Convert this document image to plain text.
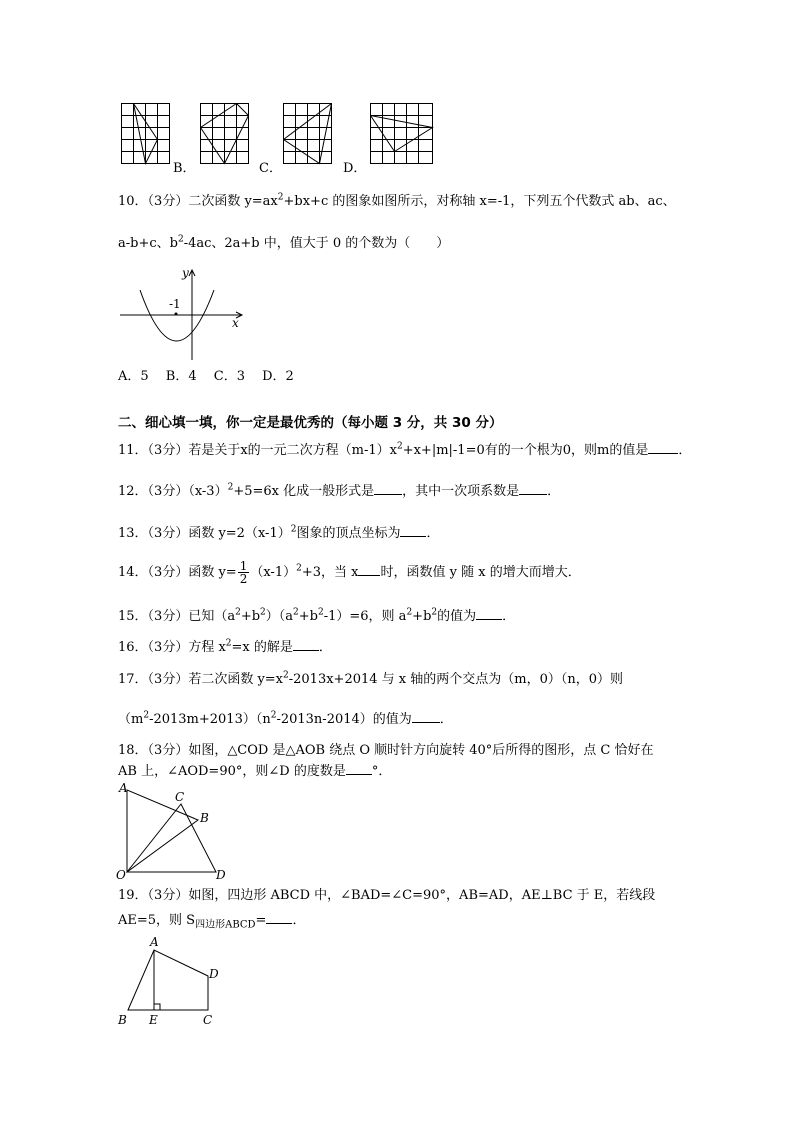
B．	C．	D．
10．（3分）二次函数 $y=ax^2+bx+c$ 的图象如图所示，对称轴 x=-1，下列五个代数式 ab、ac、
a-b+c、$b^2-4ac$、2a+b 中，值大于 0 的个数为（　　）
y
x
-1
A．5　 B．4　 C．3　 D．2
二、细心填一填，你一定是最优秀的（每小题 3 分，共 30 分）
11．（3分）若是关于x的一元二次方程$(m-1)x^2+x+|m|-1=0$有的一个根为0，则m的值是 ．
12．（3分）$(x-3)^2+5=6x$ 化成一般形式是 ，其中一次项系数是 ．
13．（3分）函数 $y=2(x-1)^2$图象的顶点坐标为 ．
14．（3分）函数 $y= \frac{1}{2} (x-1)^2+3$，当 x 时，函数值 y 随 x 的增大而增大．
15．（3分）已知$(a^2+b^2)(a^2+b^2-1)=6$，则 $a^2+b^2$的值为 ．
16．（3分）方程 $x^2=x$ 的解是 ．
17．（3分）若二次函数 $y=x^2-2013x+2014$ 与 x 轴的两个交点为（m，0）（n，0）则
$(m^2-2013m+2013)(n^2-2013n-2014)$的值为 ．
18．（3分）如图，△COD 是△AOB 绕点 O 顺时针方向旋转 40°后所得的图形，点 C 恰好在
AB 上，∠AOD=90°，则∠D 的度数是 °．
A
C
B
O	D
19．（3分）如图，四边形 ABCD 中，∠BAD=∠C=90°，AB=AD，AE⊥BC 于 E，若线段
AE=5，则 $S_{四边形ABCD}=$ ．
A
D
B E	C
